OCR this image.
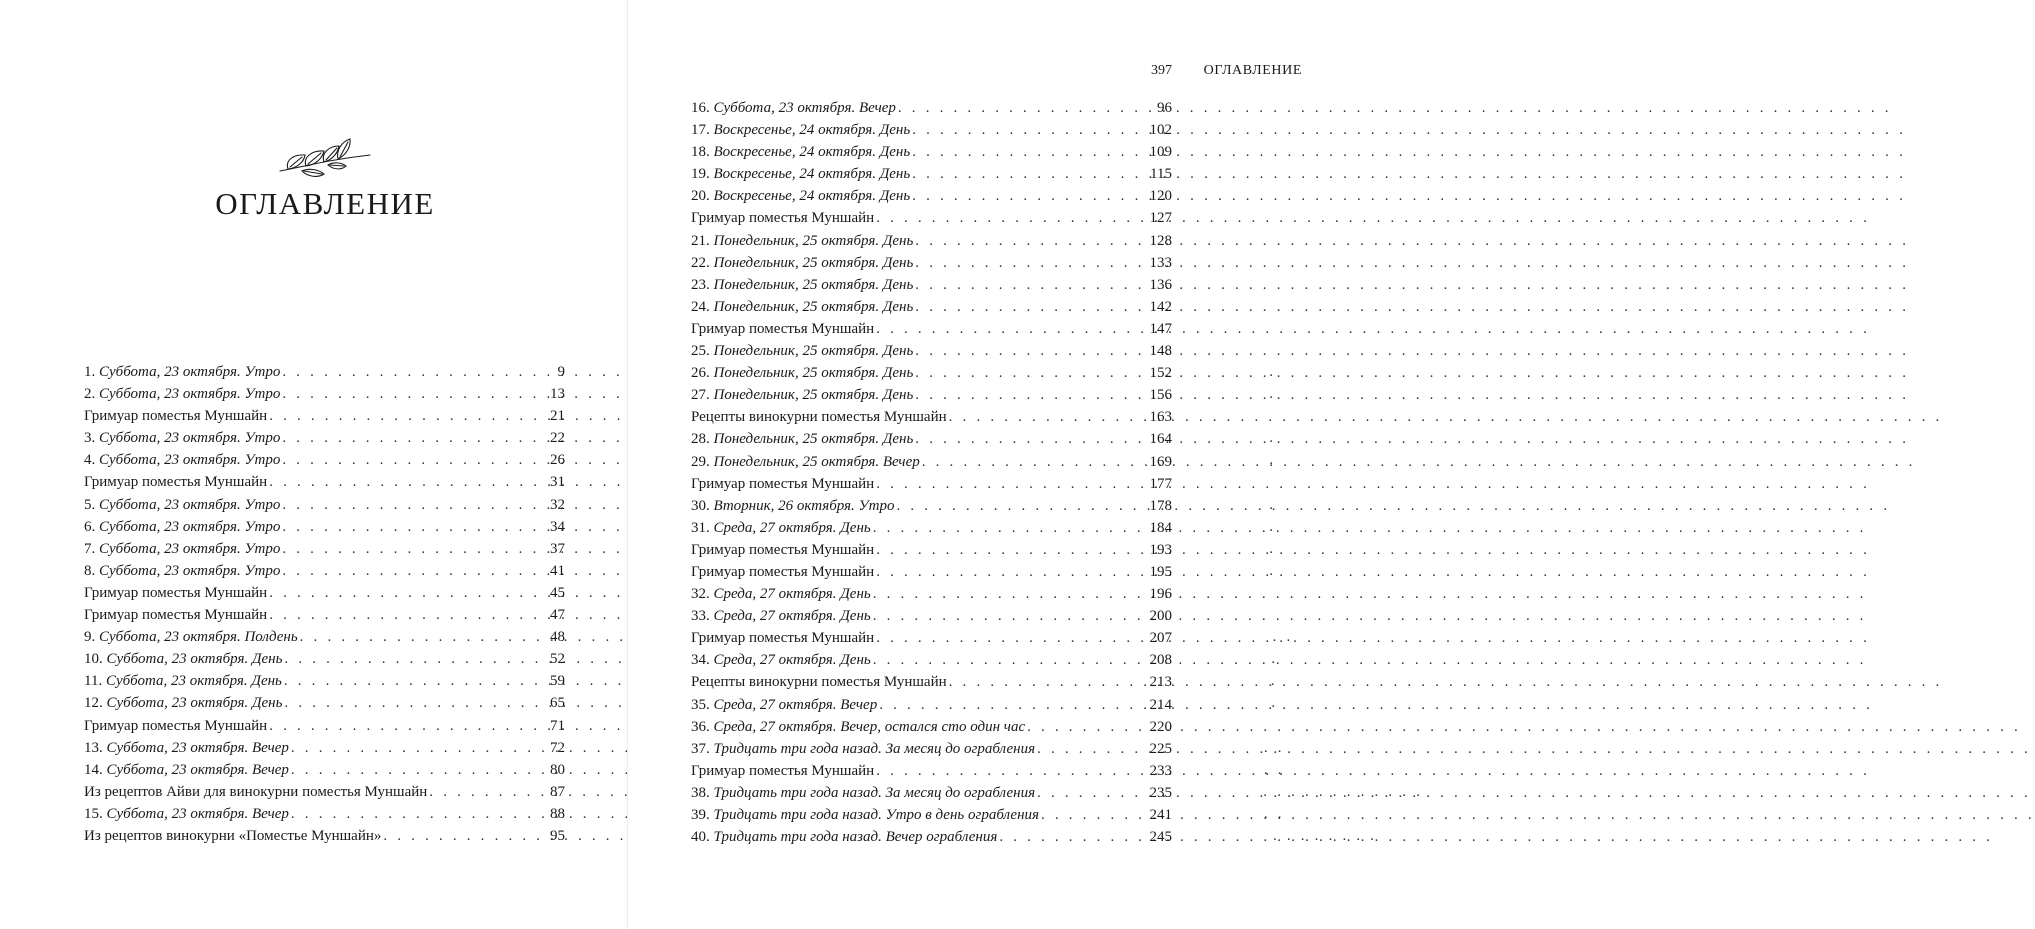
ОГЛАВЛЕНИЕ
1. Суббота, 23 октября. Утро . . .	9
2. Суббота, 23 октября. Утро . . .	13
Гримуар поместья Муншайн . . .	21
3. Суббота, 23 октября. Утро . . .	22
4. Суббота, 23 октября. Утро . . .	26
Гримуар поместья Муншайн . . .	31
5. Суббота, 23 октября. Утро . . .	32
6. Суббота, 23 октября. Утро . . .	34
7. Суббота, 23 октября. Утро . . .	37
8. Суббота, 23 октября. Утро . . .	41
Гримуар поместья Муншайн . . .	45
Гримуар поместья Муншайн . . .	47
9. Суббота, 23 октября. Полдень . . .	48
10. Суббота, 23 октября. День . . .	52
11. Суббота, 23 октября. День . . .	59
12. Суббота, 23 октября. День . . .	65
Гримуар поместья Муншайн . . .	71
13. Суббота, 23 октября. Вечер . . .	72
14. Суббота, 23 октября. Вечер . . .	80
Из рецептов Айви для винокурни поместья Муншайн . . .	87
15. Суббота, 23 октября. Вечер . . .	88
Из рецептов винокурни «Поместье Муншайн» . . .	95
ОГЛАВЛЕНИЕ
397
16. Суббота, 23 октября. Вечер . . .	96
17. Воскресенье, 24 октября. День . . .	102
18. Воскресенье, 24 октября. День . . .	109
19. Воскресенье, 24 октября. День . . .	115
20. Воскресенье, 24 октября. День . . .	120
Гримуар поместья Муншайн . . .	127
21. Понедельник, 25 октября. День . . .	128
22. Понедельник, 25 октября. День . . .	133
23. Понедельник, 25 октября. День . . .	136
24. Понедельник, 25 октября. День . . .	142
Гримуар поместья Муншайн . . .	147
25. Понедельник, 25 октября. День . . .	148
26. Понедельник, 25 октября. День . . .	152
27. Понедельник, 25 октября. День . . .	156
Рецепты винокурни поместья Муншайн . . .	163
28. Понедельник, 25 октября. День . . .	164
29. Понедельник, 25 октября. Вечер . . .	169
Гримуар поместья Муншайн . . .	177
30. Вторник, 26 октября. Утро . . .	178
31. Среда, 27 октября. День . . .	184
Гримуар поместья Муншайн . . .	193
Гримуар поместья Муншайн . . .	195
32. Среда, 27 октября. День . . .	196
33. Среда, 27 октября. День . . .	200
Гримуар поместья Муншайн . . .	207
34. Среда, 27 октября. День . . .	208
Рецепты винокурни поместья Муншайн . . .	213
35. Среда, 27 октября. Вечер . . .	214
36. Среда, 27 октября. Вечер, остался сто один час . . .	220
37. Тридцать три года назад. За месяц до ограбления . . .	225
Гримуар поместья Муншайн . . .	233
38. Тридцать три года назад. За месяц до ограбления . . .	235
39. Тридцать три года назад. Утро в день ограбления . . .	241
40. Тридцать три года назад. Вечер ограбления . . .	245
